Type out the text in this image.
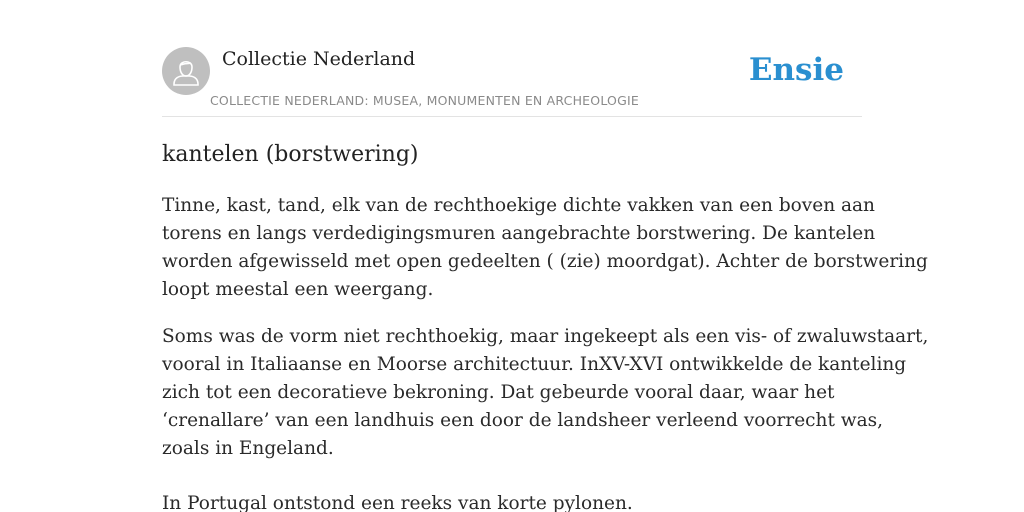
Collectie Nederland
COLLECTIE NEDERLAND: MUSEA, MONUMENTEN EN ARCHEOLOGIE
Ensie
kantelen (borstwering)

Tinne, kast, tand, elk van de rechthoekige dichte vakken van een boven aan
torens en langs verdedigingsmuren aangebrachte borstwering. De kantelen
worden afgewisseld met open gedeelten ( (zie) moordgat). Achter de borstwering
loopt meestal een weergang.

Soms was de vorm niet rechthoekig, maar ingekeept als een vis- of zwaluwstaart,
vooral in Italiaanse en Moorse architectuur. InXV-XVI ontwikkelde de kanteling
zich tot een decoratieve bekroning. Dat gebeurde vooral daar, waar het
‘crenallare’ van een landhuis een door de landsheer verleend voorrecht was,
zoals in Engeland.
In Portugal ontstond een reeks van korte pylonen.
